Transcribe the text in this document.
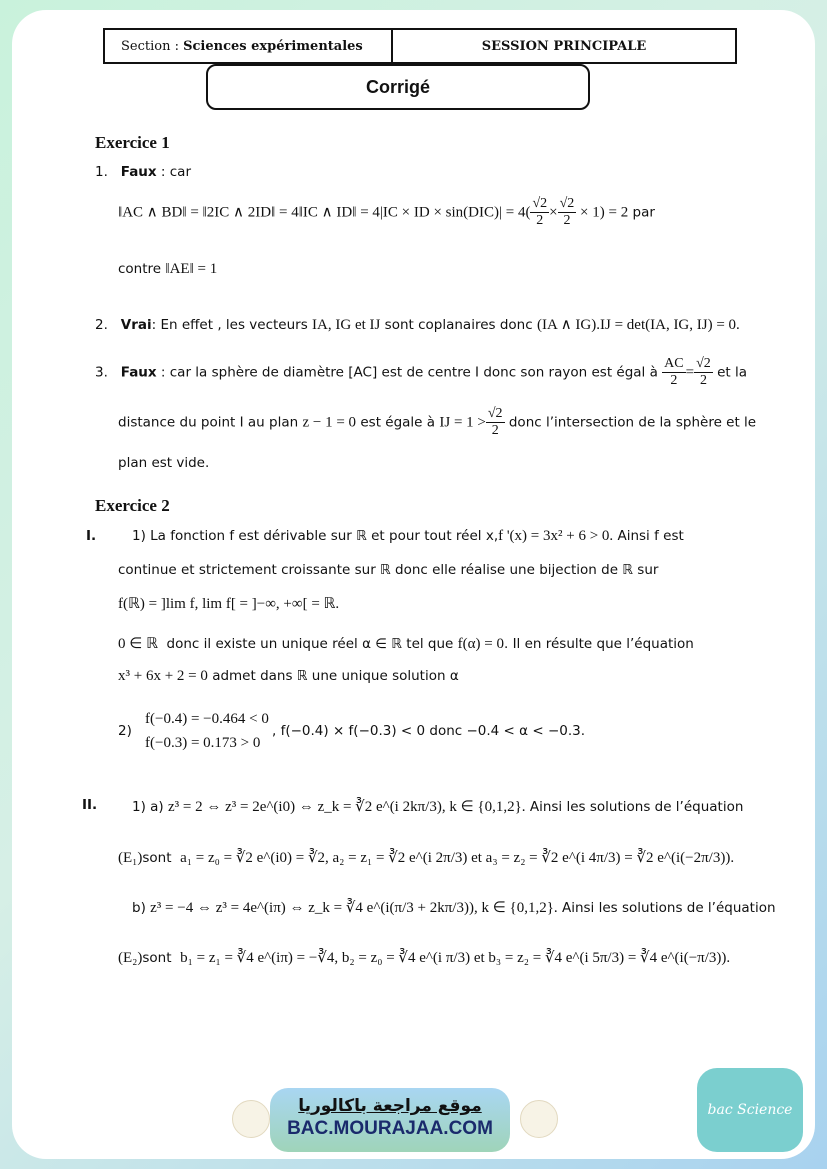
Section :
Sciences expérimentales	SESSION PRINCIPALE
Corrigé
Exercice 1
1. Faux : car
‖AC ∧ BD‖ = ‖2IC ∧ 2ID‖ = 4‖IC ∧ ID‖ = 4|IC × ID × $\sin(DIC)| = 4( \frac{√2}{2} \times \frac{√2}{2} \times 1) = 2$ par
contre ‖AE‖ = 1
2. Vrai: En effet , les vecteurs IA, IG et IJ sont coplanaires donc (IA ∧ IG).IJ = det(IA, IG, IJ) = 0.
3. Faux : car la sphère de diamètre [AC] est de centre I donc son rayon est égal à $\frac{AC}{2} = \frac{√2}{2}$ et la
distance du point I au plan z − 1 = 0 est égale à IJ = $1 > \frac{√2}{2}$ donc l’intersection de la sphère et le
plan est vide.
Exercice 2
I.	1) La fonction f est dérivable sur ℝ et pour tout réel x,f '(x) = 3x² + 6 > 0. Ainsi f est
continue et strictement croissante sur ℝ donc elle réalise une bijection de ℝ sur
f(ℝ) = ]lim f, lim f[ = ]−∞, +∞[ = ℝ.
0 ∈ ℝ donc il existe un unique réel α ∈ ℝ tel que f(α) = 0. Il en résulte que l’équation
x³ + 6x + 2 = 0 admet dans ℝ une unique solution α
2)
f(−0.4) = −0.464 < 0
f(−0.3) = 0.173 > 0
, f(−0.4) × f(−0.3) < 0 donc −0.4 < α < −0.3.
II.	1) a) z³ = 2 ⇔ z³ = 2e^(i0) ⇔ z_k = ∛2 e^(i 2kπ/3), k ∈ {0,1,2}. Ainsi les solutions de l’équation
(E₁)sont a₁ = z₀ = ∛2 e^(i0) = ∛2, a₂ = z₁ = ∛2 e^(i 2π/3) et a₃ = z₂ = ∛2 e^(i 4π/3) = ∛2 e^(i(−2π/3)).
b) z³ = −4 ⇔ z³ = 4e^(iπ) ⇔ z_k = ∛4 e^(i(π/3 + 2kπ/3)), k ∈ {0,1,2}. Ainsi les solutions de l’équation
(E₂)sont b₁ = z₁ = ∛4 e^(iπ) = −∛4, b₂ = z₀ = ∛4 e^(i π/3) et b₃ = z₂ = ∛4 e^(i 5π/3) = ∛4 e^(i(−π/3)).
موقع مراجعة باكالوريا
BAC.MOURAJAA.COM
bac Science
